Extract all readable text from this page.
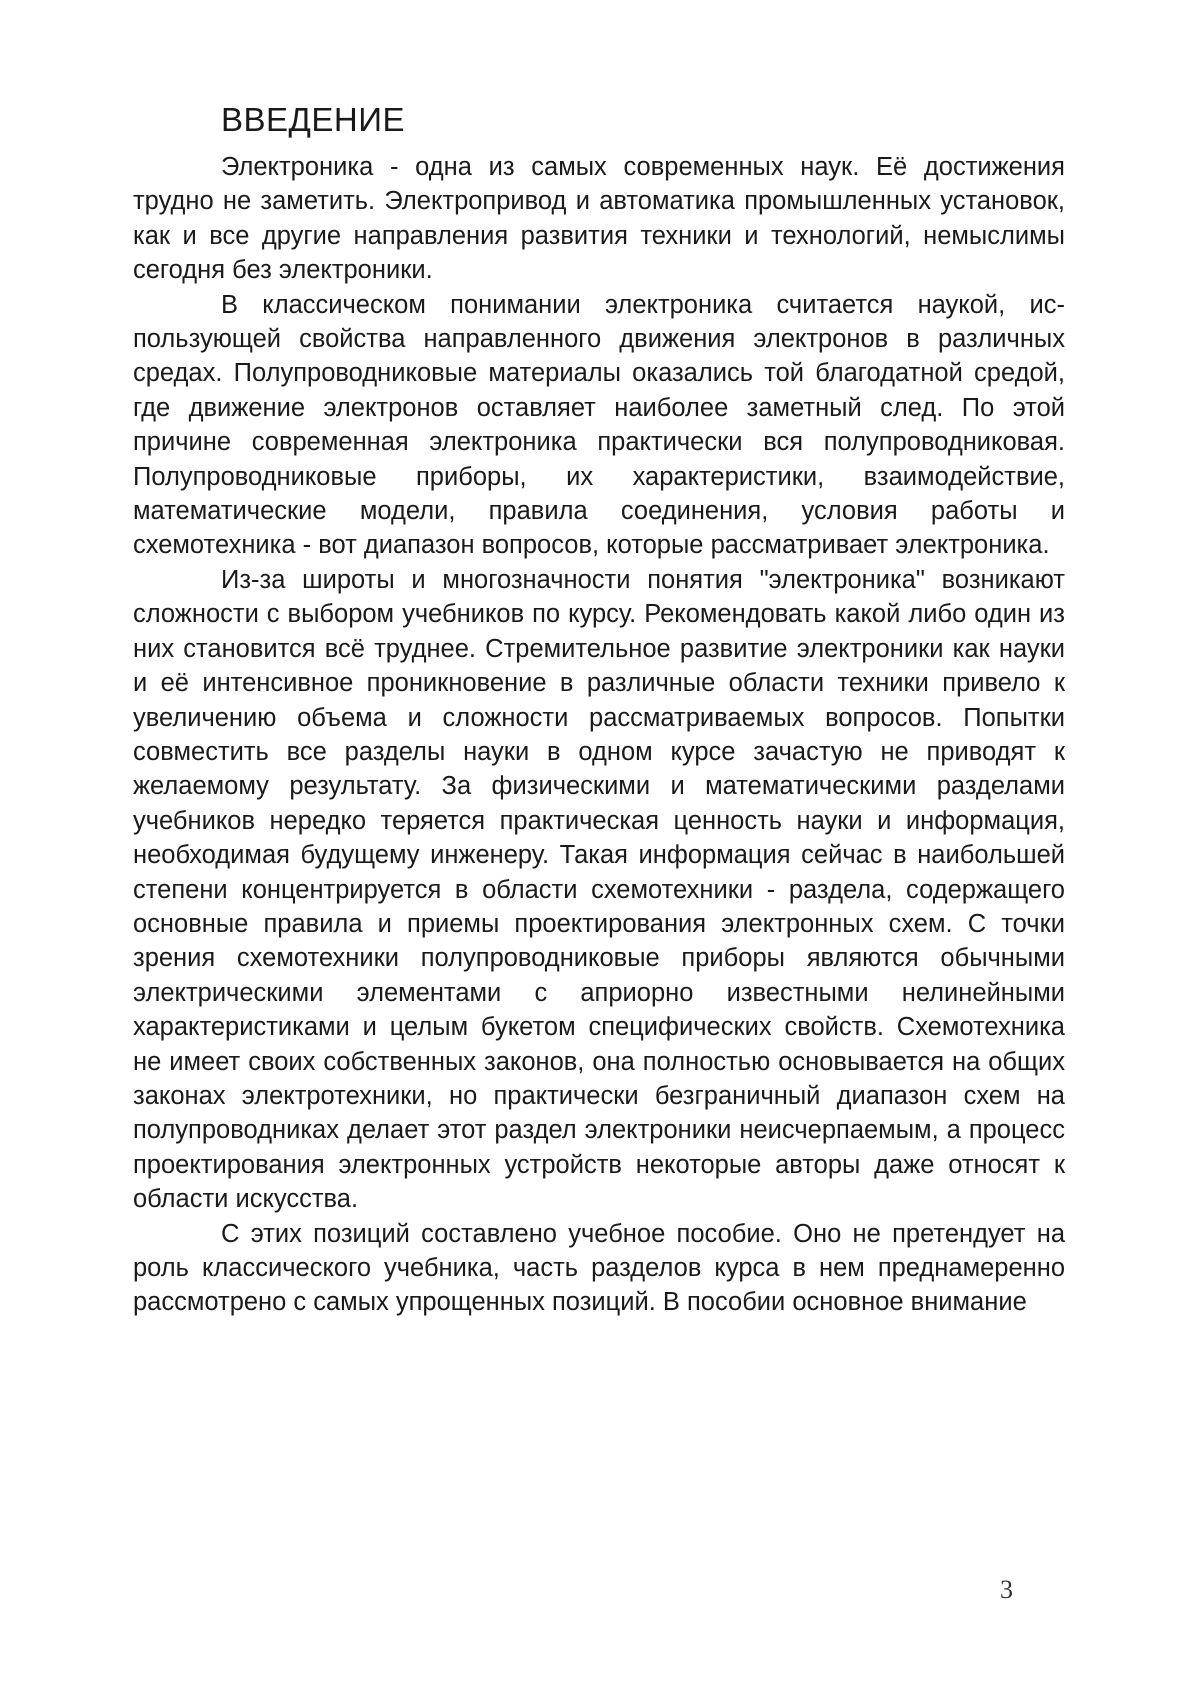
ВВЕДЕНИЕ

Электроника - одна из самых современных наук. Её достижения трудно не заметить. Электропривод и автоматика промышленных установок, как и все другие направления развития техники и технологий, немыслимы сегодня без электроники.

В классическом понимании электроника считается наукой, использующей свойства направленного движения электронов в различных средах. Полупроводниковые материалы оказались той благодатной средой, где движение электронов оставляет наиболее заметный след. По этой причине современная электроника практически вся полупроводниковая. Полупроводниковые приборы, их характеристики, взаимодействие, математические модели, правила соединения, условия работы и схемотехника - вот диапазон вопросов, которые рассматривает электроника.

Из-за широты и многозначности понятия "электроника" возникают сложности с выбором учебников по курсу. Рекомендовать какой либо один из них становится всё труднее. Стремительное развитие электроники как науки и её интенсивное проникновение в различные области техники привело к увеличению объема и сложности рассматриваемых вопросов. Попытки совместить все разделы науки в одном курсе зачастую не приводят к желаемому результату. За физическими и математическими разделами учебников нередко теряется практическая ценность науки и информация, необходимая будущему инженеру. Такая информация сейчас в наибольшей степени концентрируется в области схемотехники - раздела, содержащего основные правила и приемы проектирования электронных схем. С точки зрения схемотехники полупроводниковые приборы являются обычными электрическими элементами с априорно известными нелинейными характеристиками и целым букетом специфических свойств. Схемотехника не имеет своих собственных законов, она полностью основывается на общих законах электротехники, но практически безграничный диапазон схем на полупроводниках делает этот раздел электроники неисчерпаемым, а процесс проектирования электронных устройств некоторые авторы даже относят к области искусства.

С этих позиций составлено учебное пособие. Оно не претендует на роль классического учебника, часть разделов курса в нем преднамеренно рассмотрено с самых упрощенных позиций. В пособии основное внимание

3
